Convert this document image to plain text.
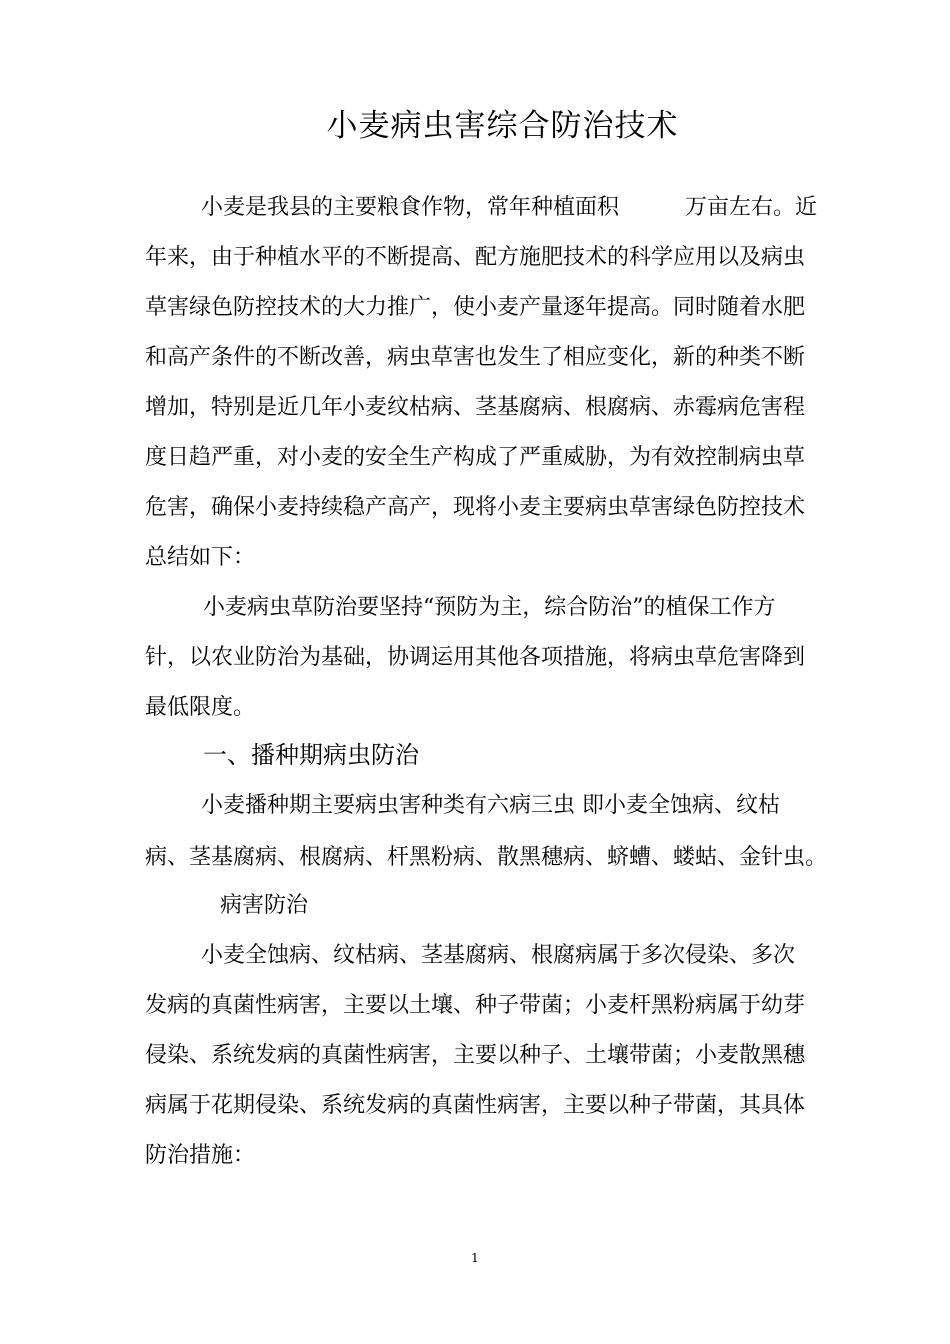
小麦病虫害综合防治技术
小麦是我县的主要粮食作物，常年种植面积　　　万亩左右。近
年来，由于种植水平的不断提高、配方施肥技术的科学应用以及病虫
草害绿色防控技术的大力推广，使小麦产量逐年提高。同时随着水肥
和高产条件的不断改善，病虫草害也发生了相应变化，新的种类不断
增加，特别是近几年小麦纹枯病、茎基腐病、根腐病、赤霉病危害程
度日趋严重，对小麦的安全生产构成了严重威胁，为有效控制病虫草
危害，确保小麦持续稳产高产，现将小麦主要病虫草害绿色防控技术
总结如下：
小麦病虫草防治要坚持“预防为主，综合防治”的植保工作方
针，以农业防治为基础，协调运用其他各项措施，将病虫草危害降到
最低限度。
一、播种期病虫防治
小麦播种期主要病虫害种类有六病三虫 即小麦全蚀病、纹枯
病、茎基腐病、根腐病、杆黑粉病、散黑穗病、蛴螬、蝼蛄、金针虫。
病害防治
小麦全蚀病、纹枯病、茎基腐病、根腐病属于多次侵染、多次
发病的真菌性病害，主要以土壤、种子带菌；小麦杆黑粉病属于幼芽
侵染、系统发病的真菌性病害，主要以种子、土壤带菌；小麦散黑穗
病属于花期侵染、系统发病的真菌性病害，主要以种子带菌，其具体
防治措施：
1
